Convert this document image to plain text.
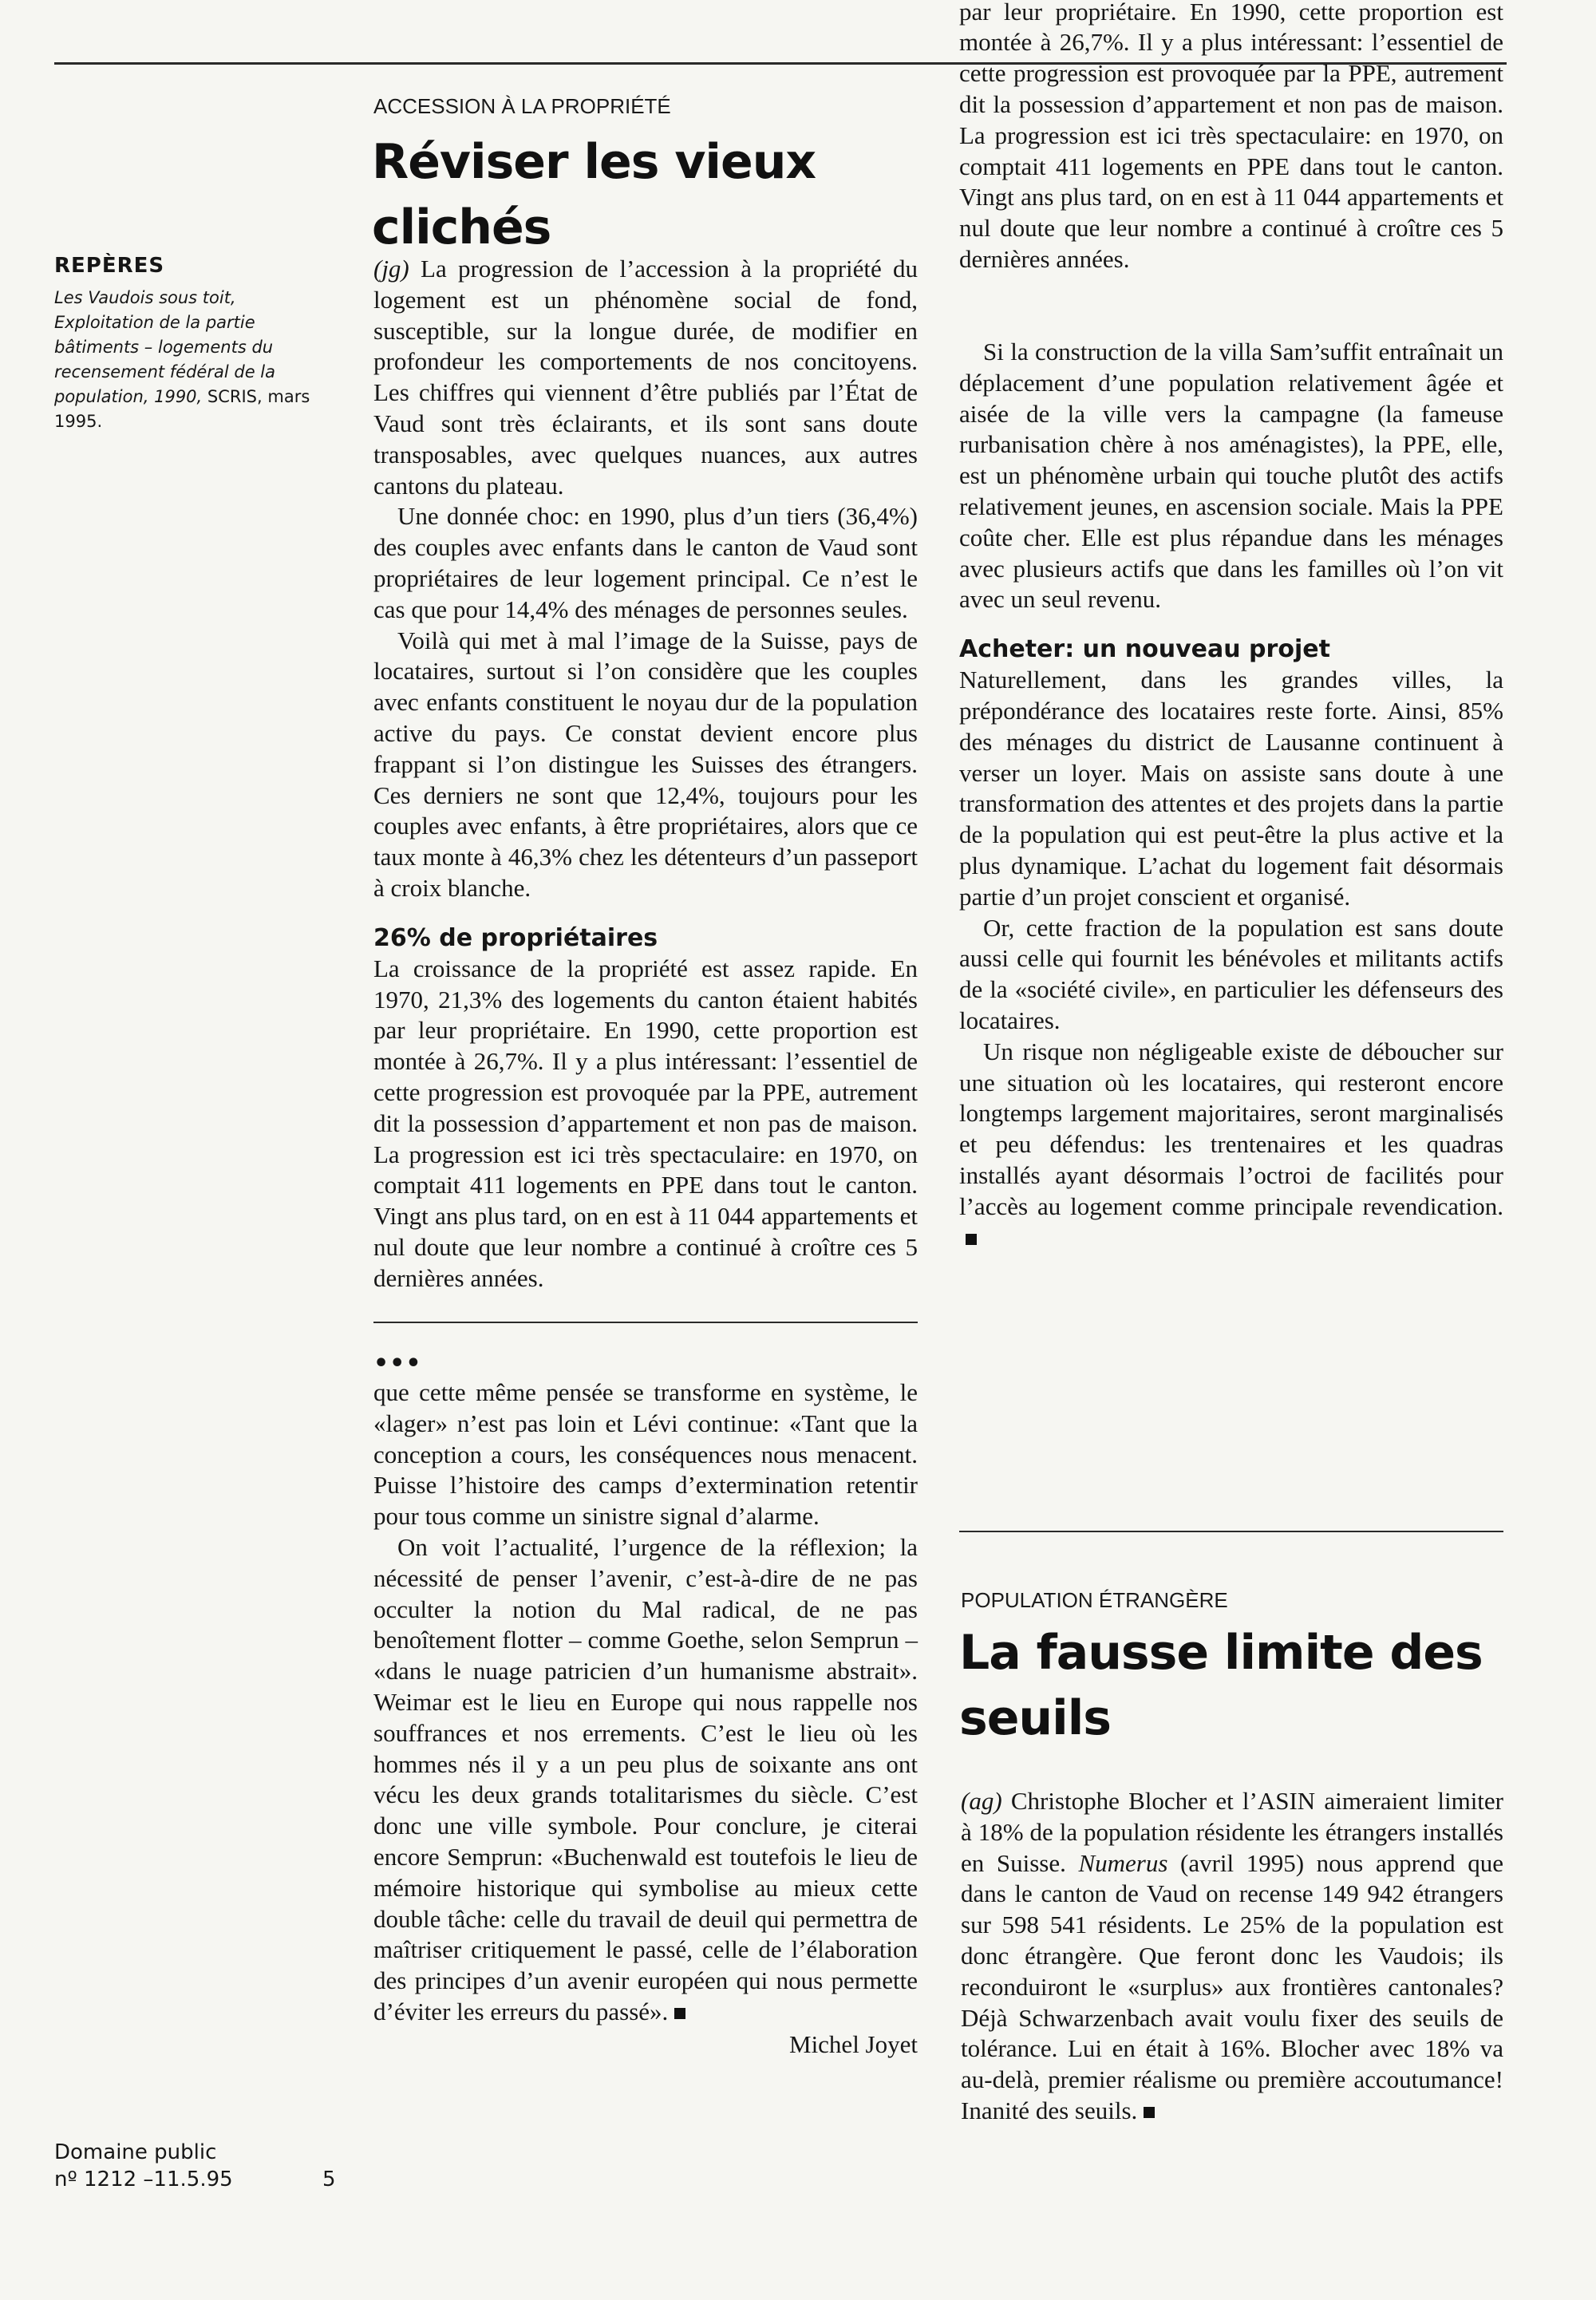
REPÈRES
Les Vaudois sous toit, Exploitation de la partie bâtiments – logements du recensement fédéral de la population, 1990, SCRIS, mars 1995.
ACCESSION À LA PROPRIÉTÉ
Réviser les vieux clichés

(jg) La progression de l’accession à la propriété du logement est un phénomène social de fond, susceptible, sur la longue durée, de modifier en profondeur les comportements de nos concitoyens. Les chiffres qui viennent d’être publiés par l’État de Vaud sont très éclairants, et ils sont sans doute transposables, avec quelques nuances, aux autres cantons du plateau.

Une donnée choc: en 1990, plus d’un tiers (36,4%) des couples avec enfants dans le canton de Vaud sont propriétaires de leur logement principal. Ce n’est le cas que pour 14,4% des ménages de personnes seules.

Voilà qui met à mal l’image de la Suisse, pays de locataires, surtout si l’on considère que les couples avec enfants constituent le noyau dur de la population active du pays. Ce constat devient encore plus frappant si l’on distingue les Suisses des étrangers. Ces derniers ne sont que 12,4%, toujours pour les couples avec enfants, à être propriétaires, alors que ce taux monte à 46,3% chez les détenteurs d’un passeport à croix blanche.

26% de propriétaires

La croissance de la propriété est assez rapide. En 1970, 21,3% des logements du canton étaient habités par leur propriétaire. En 1990, cette proportion est montée à 26,7%. Il y a plus intéressant: l’essentiel de cette progression est provoquée par la PPE, autrement dit la possession d’appartement et non pas de maison. La progression est ici très spectaculaire: en 1970, on comptait 411 logements en PPE dans tout le canton. Vingt ans plus tard, on en est à 11 044 appartements et nul doute que leur nombre a continué à croître ces 5 dernières années.

par leur propriétaire. En 1990, cette proportion est montée à 26,7%. Il y a plus intéressant: l’essentiel de cette progression est provoquée par la PPE, autrement dit la possession d’appartement et non pas de maison. La progression est ici très spectaculaire: en 1970, on comptait 411 logements en PPE dans tout le canton. Vingt ans plus tard, on en est à 11 044 appartements et nul doute que leur nombre a continué à croître ces 5 dernières années.

Si la construction de la villa Sam’suffit entraînait un déplacement d’une population relativement âgée et aisée de la ville vers la campagne (la fameuse rurbanisation chère à nos aménagistes), la PPE, elle, est un phénomène urbain qui touche plutôt des actifs relativement jeunes, en ascension sociale. Mais la PPE coûte cher. Elle est plus répandue dans les ménages avec plusieurs actifs que dans les familles où l’on vit avec un seul revenu.

Acheter: un nouveau projet

Naturellement, dans les grandes villes, la prépondérance des locataires reste forte. Ainsi, 85% des ménages du district de Lausanne continuent à verser un loyer. Mais on assiste sans doute à une transformation des attentes et des projets dans la partie de la population qui est peut-être la plus active et la plus dynamique. L’achat du logement fait désormais partie d’un projet conscient et organisé.

Or, cette fraction de la population est sans doute aussi celle qui fournit les bénévoles et militants actifs de la «société civile», en particulier les défenseurs des locataires.

Un risque non négligeable existe de déboucher sur une situation où les locataires, qui resteront encore longtemps largement majoritaires, seront marginalisés et peu défendus: les trentenaires et les quadras installés ayant désormais l’octroi de facilités pour l’accès au logement comme principale revendication.

•••

que cette même pensée se transforme en système, le «lager» n’est pas loin et Lévi continue: «Tant que la conception a cours, les conséquences nous menacent. Puisse l’histoire des camps d’extermination retentir pour tous comme un sinistre signal d’alarme.

On voit l’actualité, l’urgence de la réflexion; la nécessité de penser l’avenir, c’est-à-dire de ne pas occulter la notion du Mal radical, de ne pas benoîtement flotter – comme Goethe, selon Semprun – «dans le nuage patricien d’un humanisme abstrait». Weimar est le lieu en Europe qui nous rappelle nos souffrances et nos errements. C’est le lieu où les hommes nés il y a un peu plus de soixante ans ont vécu les deux grands totalitarismes du siècle. C’est donc une ville symbole. Pour conclure, je citerai encore Semprun: «Buchenwald est toutefois le lieu de mémoire historique qui symbolise au mieux cette double tâche: celle du travail de deuil qui permettra de maîtriser critiquement le passé, celle de l’élaboration des principes d’un avenir européen qui nous permette d’éviter les erreurs du passé».

Michel Joyet

POPULATION ÉTRANGÈRE
La fausse limite des
seuils

(ag) Christophe Blocher et l’ASIN aimeraient limiter à 18% de la population résidente les étrangers installés en Suisse. Numerus (avril 1995) nous apprend que dans le canton de Vaud on recense 149 942 étrangers sur 598 541 résidents. Le 25% de la population est donc étrangère. Que feront donc les Vaudois; ils reconduiront le «surplus» aux frontières cantonales? Déjà Schwarzenbach avait voulu fixer des seuils de tolérance. Lui en était à 16%. Blocher avec 18% va au-delà, premier réalisme ou première accoutumance! Inanité des seuils.

Domaine public
nº 1212 –11.5.95	5
